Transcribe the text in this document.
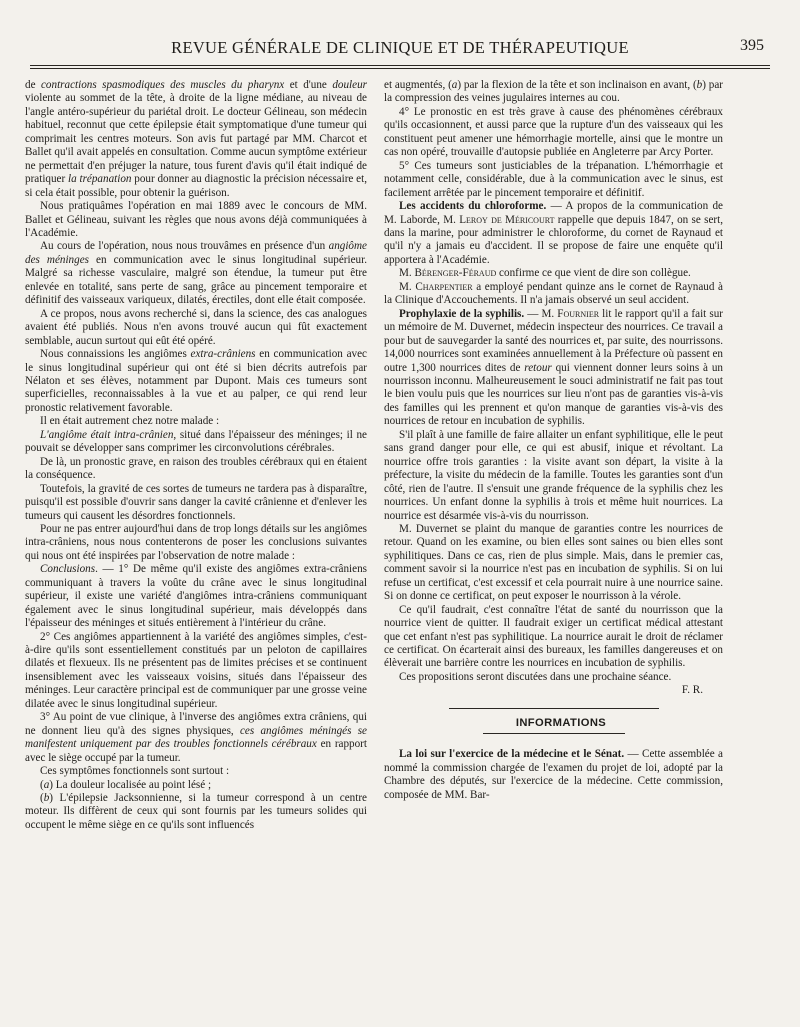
REVUE GÉNÉRALE DE CLINIQUE ET DE THÉRAPEUTIQUE	395

de contractions spasmodiques des muscles du pharynx et d'une douleur violente au sommet de la tête, à droite de la ligne médiane, au niveau de l'angle antéro-supérieur du pariétal droit. Le docteur Gélineau, son médecin habituel, reconnut que cette épilepsie était symptomatique d'une tumeur qui comprimait les centres moteurs. Son avis fut partagé par MM. Charcot et Ballet qu'il avait appelés en consultation. Comme aucun symptôme extérieur ne permettait d'en préjuger la nature, tous furent d'avis qu'il était indiqué de pratiquer la trépanation pour donner au diagnostic la précision nécessaire et, si cela était possible, pour obtenir la guérison.

Nous pratiquâmes l'opération en mai 1889 avec le concours de MM. Ballet et Gélineau, suivant les règles que nous avons déjà communiquées à l'Académie.

Au cours de l'opération, nous nous trouvâmes en présence d'un angiôme des méninges en communication avec le sinus longitudinal supérieur. Malgré sa richesse vasculaire, malgré son étendue, la tumeur put être enlevée en totalité, sans perte de sang, grâce au pincement temporaire et définitif des vaisseaux variqueux, dilatés, érectiles, dont elle était composée.

A ce propos, nous avons recherché si, dans la science, des cas analogues avaient été publiés. Nous n'en avons trouvé aucun qui fût exactement semblable, aucun surtout qui eût été opéré.

Nous connaissions les angiômes extra-crâniens en communication avec le sinus longitudinal supérieur qui ont été si bien décrits autrefois par Nélaton et ses élèves, notamment par Dupont. Mais ces tumeurs sont superficielles, reconnaissables à la vue et au palper, ce qui rend leur pronostic relativement favorable.

Il en était autrement chez notre malade :

L'angiôme était intra-crânien, situé dans l'épaisseur des méninges; il ne pouvait se développer sans comprimer les circonvolutions cérébrales.

De là, un pronostic grave, en raison des troubles cérébraux qui en étaient la conséquence.

Toutefois, la gravité de ces sortes de tumeurs ne tardera pas à disparaître, puisqu'il est possible d'ouvrir sans danger la cavité crânienne et d'enlever les tumeurs qui causent les désordres fonctionnels.

Pour ne pas entrer aujourd'hui dans de trop longs détails sur les angiômes intra-crâniens, nous nous contenterons de poser les conclusions suivantes qui nous ont été inspirées par l'observation de notre malade :

Conclusions. — 1° De même qu'il existe des angiômes extra-crâniens communiquant à travers la voûte du crâne avec le sinus longitudinal supérieur, il existe une variété d'angiômes intra-crâniens communiquant également avec le sinus longitudinal supérieur, mais développés dans l'épaisseur des méninges et situés entièrement à l'intérieur du crâne.

2° Ces angiômes appartiennent à la variété des angiômes simples, c'est-à-dire qu'ils sont essentiellement constitués par un peloton de capillaires dilatés et flexueux. Ils ne présentent pas de limites précises et se continuent insensiblement avec les vaisseaux voisins, situés dans l'épaisseur des méninges. Leur caractère principal est de communiquer par une grosse veine dilatée avec le sinus longitudinal supérieur.

3° Au point de vue clinique, à l'inverse des angiômes extra crâniens, qui ne donnent lieu qu'à des signes physiques, ces angiômes méningés se manifestent uniquement par des troubles fonctionnels cérébraux en rapport avec le siège occupé par la tumeur.

Ces symptômes fonctionnels sont surtout :

(a) La douleur localisée au point lésé ;

(b) L'épilepsie Jacksonnienne, si la tumeur correspond à un centre moteur. Ils diffèrent de ceux qui sont fournis par les tumeurs solides qui occupent le même siège en ce qu'ils sont influencés

et augmentés, (a) par la flexion de la tête et son inclinaison en avant, (b) par la compression des veines jugulaires internes au cou.

4° Le pronostic en est très grave à cause des phénomènes cérébraux qu'ils occasionnent, et aussi parce que la rupture d'un des vaisseaux qui les constituent peut amener une hémorrhagie mortelle, ainsi que le montre un cas non opéré, trouvaille d'autopsie publiée en Angleterre par Arcy Porter.

5° Ces tumeurs sont justiciables de la trépanation. L'hémorrhagie et notamment celle, considérable, due à la communication avec le sinus, est facilement arrêtée par le pincement temporaire et définitif.

Les accidents du chloroforme. — A propos de la communication de M. Laborde, M. Leroy de Méricourt rappelle que depuis 1847, on se sert, dans la marine, pour administrer le chloroforme, du cornet de Raynaud et qu'il n'y a jamais eu d'accident. Il se propose de faire une enquête qu'il apportera à l'Académie.

M. Bérenger-Féraud confirme ce que vient de dire son collègue.

M. Charpentier a employé pendant quinze ans le cornet de Raynaud à la Clinique d'Accouchements. Il n'a jamais observé un seul accident.

Prophylaxie de la syphilis. — M. Fournier lit le rapport qu'il a fait sur un mémoire de M. Duvernet, médecin inspecteur des nourrices. Ce travail a pour but de sauvegarder la santé des nourrices et, par suite, des nourrissons. 14,000 nourrices sont examinées annuellement à la Préfecture où passent en outre 1,300 nourrices dites de retour qui viennent donner leurs soins à un nourrisson inconnu. Malheureusement le souci administratif ne fait pas tout le bien voulu puis que les nourrices sur lieu n'ont pas de garanties vis-à-vis des familles qui les prennent et qu'on manque de garanties vis-à-vis des nourrices de retour en incubation de syphilis.

S'il plaît à une famille de faire allaiter un enfant syphilitique, elle le peut sans grand danger pour elle, ce qui est abusif, inique et révoltant. La nourrice offre trois garanties : la visite avant son départ, la visite à la préfecture, la visite du médecin de la famille. Toutes les garanties sont d'un côté, rien de l'autre. Il s'ensuit une grande fréquence de la syphilis chez les nourrices. Un enfant donne la syphilis à trois et même huit nourrices. La nourrice est désarmée vis-à-vis du nourrisson.

M. Duvernet se plaint du manque de garanties contre les nourrices de retour. Quand on les examine, ou bien elles sont saines ou bien elles sont syphilitiques. Dans ce cas, rien de plus simple. Mais, dans le premier cas, comment savoir si la nourrice n'est pas en incubation de syphilis. Si on lui refuse un certificat, c'est excessif et cela pourrait nuire à une nourrice saine. Si on donne ce certificat, on peut exposer le nourrisson à la vérole.

Ce qu'il faudrait, c'est connaître l'état de santé du nourrisson que la nourrice vient de quitter. Il faudrait exiger un certificat médical attestant que cet enfant n'est pas syphilitique. La nourrice aurait le droit de réclamer ce certificat. On écarterait ainsi des bureaux, les familles dangereuses et on élèverait une barrière contre les nourrices en incubation de syphilis.

Ces propositions seront discutées dans une prochaine séance.

F. R.

INFORMATIONS

La loi sur l'exercice de la médecine et le Sénat. — Cette assemblée a nommé la commission chargée de l'examen du projet de loi, adopté par la Chambre des députés, sur l'exercice de la médecine. Cette commission, composée de MM. Bar-
